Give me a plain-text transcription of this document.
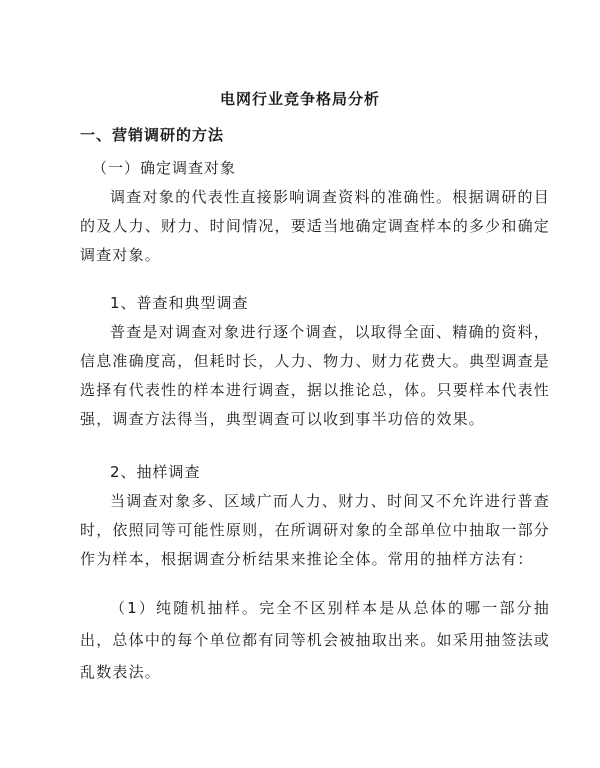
电网行业竞争格局分析
一、营销调研的方法
（一）确定调查对象
调查对象的代表性直接影响调查资料的准确性。根据调研的目的及人力、财力、时间情况，要适当地确定调查样本的多少和确定调查对象。
1、普查和典型调查
普查是对调查对象进行逐个调查，以取得全面、精确的资料，信息准确度高，但耗时长，人力、物力、财力花费大。典型调查是选择有代表性的样本进行调查，据以推论总，体。只要样本代表性强，调查方法得当，典型调查可以收到事半功倍的效果。
2、抽样调查
当调查对象多、区域广而人力、财力、时间又不允许进行普查时，依照同等可能性原则，在所调研对象的全部单位中抽取一部分作为样本，根据调查分析结果来推论全体。常用的抽样方法有：
（1）纯随机抽样。完全不区别样本是从总体的哪一部分抽出，总体中的每个单位都有同等机会被抽取出来。如采用抽签法或乱数表法。
